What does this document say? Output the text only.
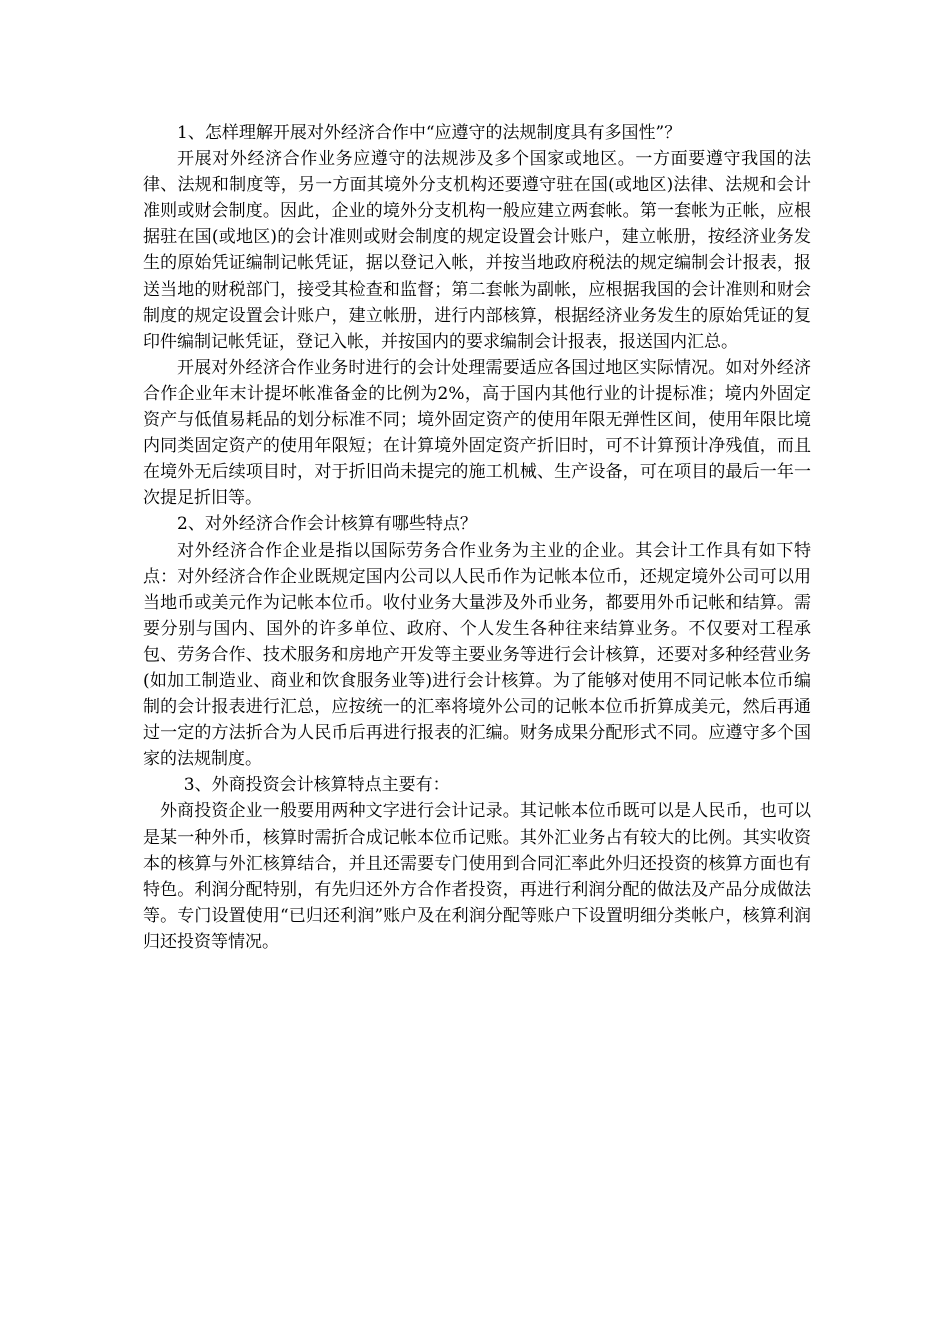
1、怎样理解开展对外经济合作中“应遵守的法规制度具有多国性”？

开展对外经济合作业务应遵守的法规涉及多个国家或地区。一方面要遵守我国的法律、法规和制度等，另一方面其境外分支机构还要遵守驻在国(或地区)法律、法规和会计准则或财会制度。因此，企业的境外分支机构一般应建立两套帐。第一套帐为正帐，应根据驻在国(或地区)的会计准则或财会制度的规定设置会计账户，建立帐册，按经济业务发生的原始凭证编制记帐凭证，据以登记入帐，并按当地政府税法的规定编制会计报表，报送当地的财税部门，接受其检查和监督；第二套帐为副帐，应根据我国的会计准则和财会制度的规定设置会计账户，建立帐册，进行内部核算，根据经济业务发生的原始凭证的复印件编制记帐凭证，登记入帐，并按国内的要求编制会计报表，报送国内汇总。

开展对外经济合作业务时进行的会计处理需要适应各国过地区实际情况。如对外经济合作企业年末计提坏帐准备金的比例为2%，高于国内其他行业的计提标准；境内外固定资产与低值易耗品的划分标准不同；境外固定资产的使用年限无弹性区间，使用年限比境内同类固定资产的使用年限短；在计算境外固定资产折旧时，可不计算预计净残值，而且在境外无后续项目时，对于折旧尚未提完的施工机械、生产设备，可在项目的最后一年一次提足折旧等。

2、对外经济合作会计核算有哪些特点？

对外经济合作企业是指以国际劳务合作业务为主业的企业。其会计工作具有如下特点：对外经济合作企业既规定国内公司以人民币作为记帐本位币，还规定境外公司可以用当地币或美元作为记帐本位币。收付业务大量涉及外币业务，都要用外币记帐和结算。需要分别与国内、国外的许多单位、政府、个人发生各种往来结算业务。不仅要对工程承包、劳务合作、技术服务和房地产开发等主要业务等进行会计核算，还要对多种经营业务(如加工制造业、商业和饮食服务业等)进行会计核算。为了能够对使用不同记帐本位币编制的会计报表进行汇总，应按统一的汇率将境外公司的记帐本位币折算成美元，然后再通过一定的方法折合为人民币后再进行报表的汇编。财务成果分配形式不同。应遵守多个国家的法规制度。

3、外商投资会计核算特点主要有：

外商投资企业一般要用两种文字进行会计记录。其记帐本位币既可以是人民币，也可以是某一种外币，核算时需折合成记帐本位币记账。其外汇业务占有较大的比例。其实收资本的核算与外汇核算结合，并且还需要专门使用到合同汇率此外归还投资的核算方面也有特色。利润分配特别，有先归还外方合作者投资，再进行利润分配的做法及产品分成做法等。专门设置使用“已归还利润”账户及在利润分配等账户下设置明细分类帐户，核算利润归还投资等情况。
